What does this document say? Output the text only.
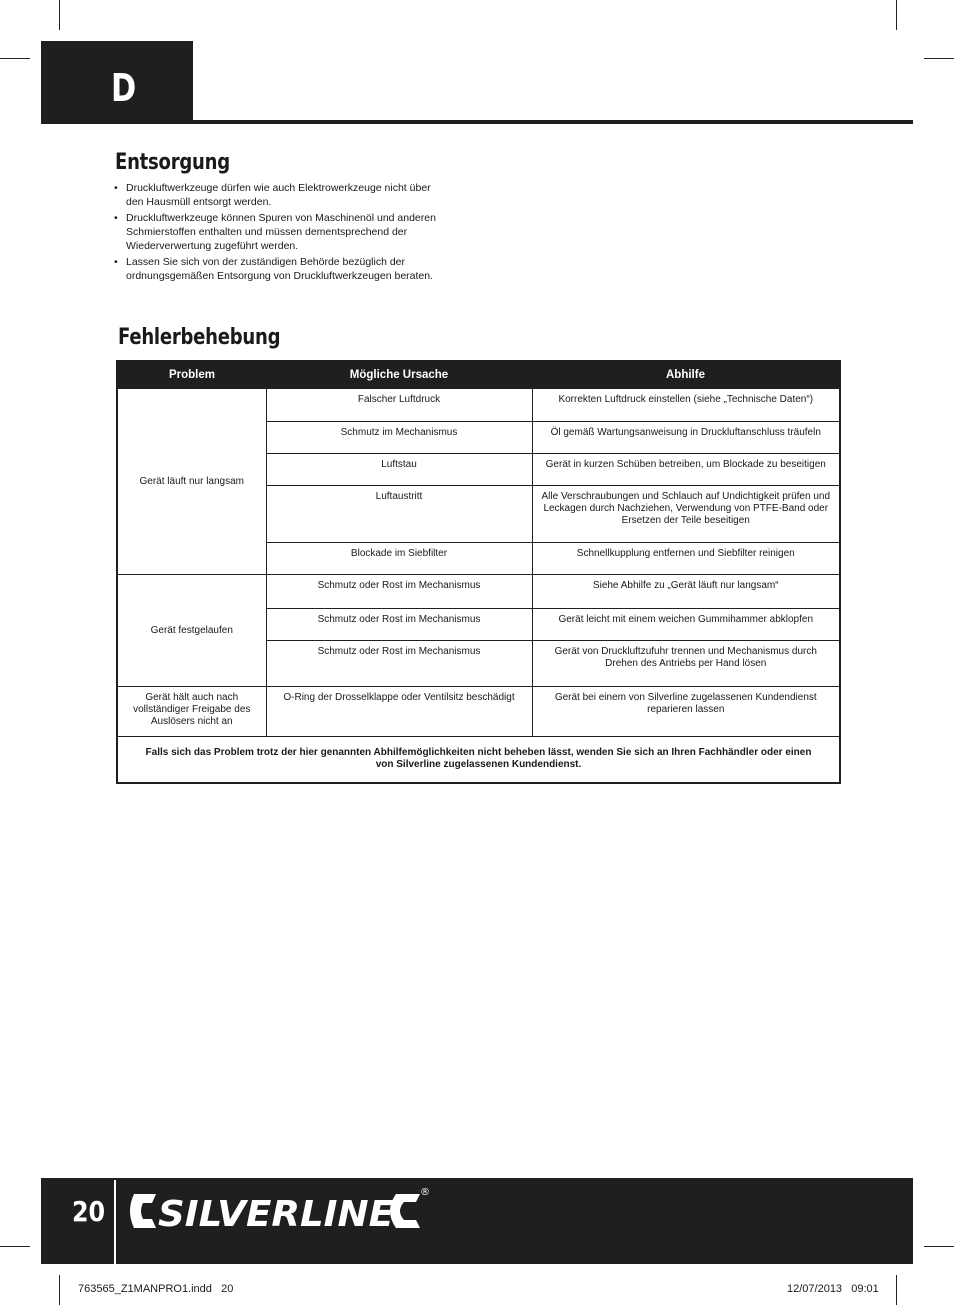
D
Entsorgung
• Druckluftwerkzeuge dürfen wie auch Elektrowerkzeuge nicht über den Hausmüll entsorgt werden.
• Druckluftwerkzeuge können Spuren von Maschinenöl und anderen Schmierstoffen enthalten und müssen dementsprechend der Wiederverwertung zugeführt werden.
• Lassen Sie sich von der zuständigen Behörde bezüglich der ordnungsgemäßen Entsorgung von Druckluftwerkzeugen beraten.
Fehlerbehebung
Problem	Mögliche Ursache	Abhilfe
Gerät läuft nur langsam	Falscher Luftdruck	Korrekten Luftdruck einstellen (siehe „Technische Daten“)
	Schmutz im Mechanismus	Öl gemäß Wartungsanweisung in Druckluftanschluss träufeln
	Luftstau	Gerät in kurzen Schüben betreiben, um Blockade zu beseitigen
	Luftaustritt	Alle Verschraubungen und Schlauch auf Undichtigkeit prüfen und Leckagen durch Nachziehen, Verwendung von PTFE-Band oder Ersetzen der Teile beseitigen
	Blockade im Siebfilter	Schnellkupplung entfernen und Siebfilter reinigen
Gerät festgelaufen	Schmutz oder Rost im Mechanismus	Siehe Abhilfe zu „Gerät läuft nur langsam“
	Schmutz oder Rost im Mechanismus	Gerät leicht mit einem weichen Gummihammer abklopfen
	Schmutz oder Rost im Mechanismus	Gerät von Druckluftzufuhr trennen und Mechanismus durch Drehen des Antriebs per Hand lösen
Gerät hält auch nach vollständiger Freigabe des Auslösers nicht an	O-Ring der Drosselklappe oder Ventilsitz beschädigt	Gerät bei einem von Silverline zugelassenen Kundendienst reparieren lassen
Falls sich das Problem trotz der hier genannten Abhilfemöglichkeiten nicht beheben lässt, wenden Sie sich an Ihren Fachhändler oder einen von Silverline zugelassenen Kundendienst.		
20 SILVERLINE
®
763565_Z1MANPRO1.indd   20	12/07/2013   09:01
